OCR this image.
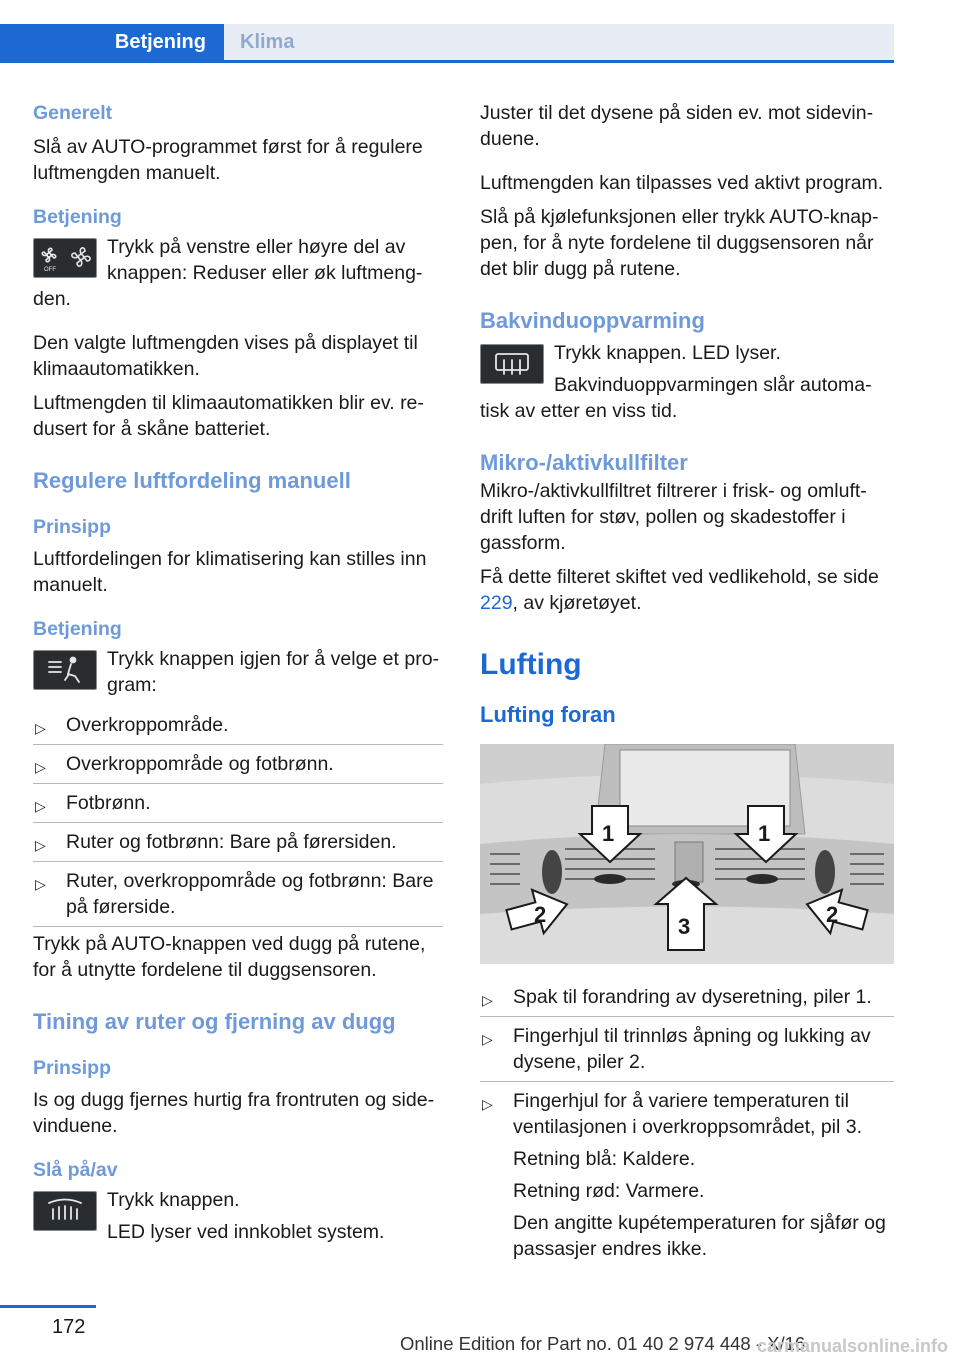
Betjening	Klima
Generelt

Slå av AUTO-programmet først for å regulere luftmengden manuelt.

Betjening
OFF

Trykk på venstre eller høyre del av knappen: Reduser eller øk luftmeng-den.

Den valgte luftmengden vises på displayet til klimaautomatikken.

Luftmengden til klimaautomatikken blir ev. re-dusert for å skåne batteriet.

Regulere luftfordeling manuell
Prinsipp

Luftfordelingen for klimatisering kan stilles inn manuelt.

Betjening

Trykk knappen igjen for å velge et pro-gram:

▷ Overkroppområde.

▷ Overkroppområde og fotbrønn.

▷ Fotbrønn.

▷ Ruter og fotbrønn: Bare på førersiden.

▷ Ruter, overkroppområde og fotbrønn: Bare på førerside.

Trykk på AUTO-knappen ved dugg på rutene, for å utnytte fordelene til duggsensoren.

Tining av ruter og fjerning av dugg
Prinsipp

Is og dugg fjernes hurtig fra frontruten og side-vinduene.

Slå på/av

Trykk knappen.

LED lyser ved innkoblet system.

Juster til det dysene på siden ev. mot sidevin-duene.

Luftmengden kan tilpasses ved aktivt program.

Slå på kjølefunksjonen eller trykk AUTO-knap-pen, for å nyte fordelene til duggsensoren når det blir dugg på rutene.

Bakvinduoppvarming

Trykk knappen. LED lyser.

Bakvinduoppvarmingen slår automa-tisk av etter en viss tid.

Mikro-/aktivkullfilter

Mikro-/aktivkullfiltret filtrerer i frisk- og omluft-drift luften for støv, pollen og skadestoffer i gassform.

Få dette filteret skiftet ved vedlikehold, se side 229, av kjøretøyet.

Lufting
Lufting foran
1	1
2	3	2
▷ Spak til forandring av dyseretning, piler 1.

▷ Fingerhjul til trinnløs åpning og lukking av dysene, piler 2.

▷ Fingerhjul for å variere temperaturen til ventilasjonen i overkroppsområdet, pil 3.

Retning blå: Kaldere.

Retning rød: Varmere.

Den angitte kupétemperaturen for sjåfør og passasjer endres ikke.

172
Online Edition for Part no. 01 40 2 974 448 - X/16
carmanualsonline.info
